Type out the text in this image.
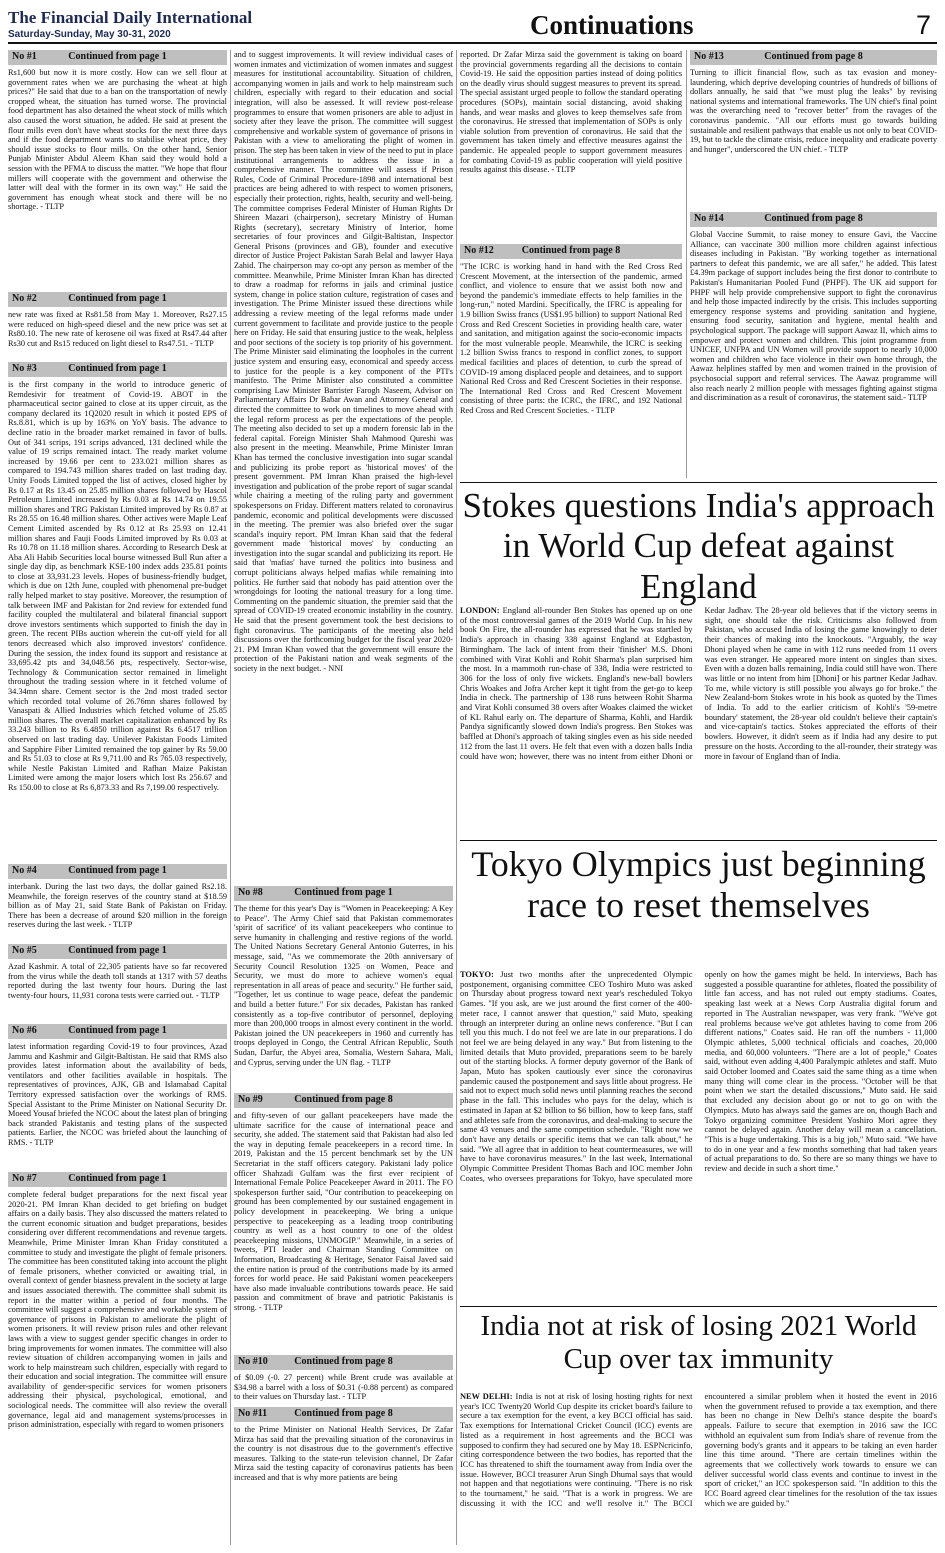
The Financial Daily International
Saturday-Sunday, May 30-31, 2020	Continuations	7
No #1	Continued from page 1
Rs1,600 but now it is more costly. How can we sell flour at government rates when we are purchasing the wheat at high prices?" He said that due to a ban on the transportation of newly cropped wheat, the situation has turned worse. The provincial food department has also detained the wheat stock of mills which also caused the worst situation, he added. He said at present the flour mills even don't have wheat stocks for the next three days and if the food department wants to stabilise wheat price, they should issue stocks to flour mills. On the other hand, Senior Punjab Minister Abdul Aleem Khan said they would hold a session with the PFMA to discuss the matter. "We hope that flour millers will cooperate with the government and otherwise the latter will deal with the former in its own way." He said the government has enough wheat stock and there will be no shortage. - TLTP
No #2	Continued from page 1
new rate was fixed at Rs81.58 from May 1. Moreover, Rs27.15 were reduced on high-speed diesel and the new price was set at Rs80.10. The new rate of kerosene oil was fixed at Rs47.44 after Rs30 cut and Rs15 reduced on light diesel to Rs47.51. - TLTP
No #3	Continued from page 1
is the first company in the world to introduce generic of Remdesivir for treatment of Covid-19. ABOT in the pharmaceutical sector gained to close at its upper circuit, as the company declared its 1Q2020 result in which it posted EPS of Rs.8.81, which is up by 163% on YoY basis. The advance to decline ratio in the broader market remained in favor of bulls. Out of 341 scrips, 191 scrips advanced, 131 declined while the value of 19 scrips remained intact. The ready market volume increased by 19.66 per cent to 233.021 million shares as compared to 194.743 million shares traded on last trading day. Unity Foods Limited topped the list of actives, closed higher by Rs 0.17 at Rs 13.45 on 25.85 million shares followed by Hascol Petroleum Limited increased by Rs 0.03 at Rs 14.74 on 19.55 million shares and TRG Pakistan Limited improved by Rs 0.87 at Rs 28.55 on 16.48 million shares. Other actives were Maple Leaf Cement Limited ascended by Rs 0.12 at Rs 25.93 on 12.41 million shares and Fauji Foods Limited improved by Rs 0.03 at Rs 10.78 on 11.18 million shares. According to Research Desk at Aba Ali Habib Securities local bourse witnessed Bull Run after a single day dip, as benchmark KSE-100 index adds 235.81 points to close at 33,931.23 levels. Hopes of business-friendly budget, which is due on 12th June, coupled with phenomenal pre-budget rally helped market to stay positive. Moreover, the resumption of talk between IMF and Pakistan for 2nd review for extended fund facility coupled the multilateral and bilateral financial support drove investors sentiments which supported to finish the day in green. The recent PIBs auction wherein the cut-off yield for all tenors decreased which also improved investors' confidence. During the session, the index found its support and resistance at 33,695.42 pts and 34,048.56 pts, respectively. Sector-wise, Technology & Communication sector remained in limelight throughout the trading session where in it fetched volume of 34.34mn share. Cement sector is the 2nd most traded sector which recorded total volume of 26.76mn shares followed by Vanaspati & Allied Industries which fetched volume of 25.85 million shares. The overall market capitalization enhanced by Rs 33.243 billion to Rs 6.4850 trillion against Rs 6.4517 trillion observed on last trading day. Unilever Pakistan Foods Limited and Sapphire Fiber Limited remained the top gainer by Rs 59.00 and Rs 51.03 to close at Rs 9,711.00 and Rs 765.03 respectively, while Nestle Pakistan Limited and Rafhan Maize Pakistan Limited were among the major losers which lost Rs 256.67 and Rs 150.00 to close at Rs 6,873.33 and Rs 7,199.00 respectively.
No #4	Continued from page 1
interbank. During the last two days, the dollar gained Rs2.18. Meanwhile, the foreign reserves of the country stand at $18.59 billion as of May 21, said State Bank of Pakistan on Friday. There has been a decrease of around $20 million in the foreign reserves during the last week. - TLTP
No #5	Continued from page 1
Azad Kashmir. A total of 22,305 patients have so far recovered from the virus while the death toll stands at 1317 with 57 deaths reported during the last twenty four hours. During the last twenty-four hours, 11,931 corona tests were carried out. - TLTP
No #6	Continued from page 1
latest information regarding Covid-19 to four provinces, Azad Jammu and Kashmir and Gilgit-Baltistan. He said that RMS also provides latest information about the availability of beds, ventilators and other facilities available in hospitals. The representatives of provinces, AJK, GB and Islamabad Capital Territory expressed satisfaction over the workings of RMS. Special Assistant to the Prime Minister on National Security Dr. Moeed Yousaf briefed the NCOC about the latest plan of bringing back stranded Pakistanis and testing plans of the suspected patients. Earlier, the NCOC was briefed about the launching of RMS. - TLTP
No #7	Continued from page 1
complete federal budget preparations for the next fiscal year 2020-21. PM Imran Khan decided to get briefing on budget affairs on a daily basis. They also discussed the matters related to the current economic situation and budget preparations, besides considering over different recommendations and revenue targets. Meanwhile, Prime Minister Imran Khan Friday constituted a committee to study and investigate the plight of female prisoners. The committee has been constituted taking into account the plight of female prisoners, whether convicted or awaiting trial, in overall context of gender biasness prevalent in the society at large and issues associated therewith. The committee shall submit its report in the matter within a period of four months. The committee will suggest a comprehensive and workable system of governance of prisons in Pakistan to ameliorate the plight of women prisoners. It will review prison rules and other relevant laws with a view to suggest gender specific changes in order to bring improvements for women inmates. The committee will also review situation of children accompanying women in jails and work to help mainstream such children, especially with regard to their education and social integration. The committee will ensure availability of gender-specific services for women prisoners addressing their physical, psychological, emotional, and sociological needs. The committee will also review the overall governance, legal aid and management systems/processes in prison administration, especially with regard to women prisoners
and to suggest improvements. It will review individual cases of women inmates and victimization of women inmates and suggest measures for institutional accountability. Situation of children, accompanying women in jails and work to help mainstream such children, especially with regard to their education and social integration, will also be assessed. It will review post-release programmes to ensure that women prisoners are able to adjust in society after they leave the prison. The committee will suggest comprehensive and workable system of governance of prisons in Pakistan with a view to ameliorating the plight of women in prison. The step has been taken in view of the need to put in place institutional arrangements to address the issue in a comprehensive manner. The committee will assess if Prison Rules, Code of Criminal Procedure-1898 and international best practices are being adhered to with respect to women prisoners, especially their protection, rights, health, security and well-being. The committee comprises Federal Minister of Human Rights Dr Shireen Mazari (chairperson), secretary Ministry of Human Rights (secretary), secretary Ministry of Interior, home secretaries of four provinces and Gilgit-Baltistan, Inspector General Prisons (provinces and GB), founder and executive director of Justice Project Pakistan Sarah Belal and lawyer Haya Zahid. The chairperson may co-opt any person as member of the committee. Meanwhile, Prime Minister Imran Khan has directed to draw a roadmap for reforms in jails and criminal justice system, change in police station culture, registration of cases and investigation. The Prime Minister issued these directions while addressing a review meeting of the legal reforms made under current government to facilitate and provide justice to the people here on Friday. He said that ensuring justice to the weak, helpless and poor sections of the society is top priority of his government. The Prime Minister said eliminating the loopholes in the current justice system and ensuring easy, economical and speedy access to justice for the people is a key component of the PTI's manifesto. The Prime Minister also constituted a committee comprising Law Minister Barrister Farogh Naseem, Advisor on Parliamentary Affairs Dr Babar Awan and Attorney General and directed the committee to work on timelines to move ahead with the legal reform process as per the expectations of the people. The meeting also decided to set up a modern forensic lab in the federal capital. Foreign Minister Shah Mahmood Qureshi was also present in the meeting. Meanwhile, Prime Minister Imran Khan has termed the conclusive investigation into sugar scandal and publicizing its probe report as 'historical moves' of the present government. PM Imran Khan praised the high-level investigation and publication of the probe report of sugar scandal while chairing a meeting of the ruling party and government spokespersons on Friday. Different matters related to coronavirus pandemic, economic and political developments were discussed in the meeting. The premier was also briefed over the sugar scandal's inquiry report. PM Imran Khan said that the federal government made 'historical moves' by conducting an investigation into the sugar scandal and publicizing its report. He said that 'mafias' have turned the politics into business and corrupt politicians always helped mafias while remaining into politics. He further said that nobody has paid attention over the wrongdoings for looting the national treasury for a long time. Commenting on the pandemic situation, the premier said that the spread of COVID-19 created economic instability in the country. He said that the present government took the best decisions to fight coronavirus. The participants of the meeting also held discussions over the forthcoming budget for the fiscal year 2020-21. PM Imran Khan vowed that the government will ensure the protection of the Pakistani nation and weak segments of the society in the next budget. - NNI
No #8	Continued from page 1
The theme for this year's Day is "Women in Peacekeeping: A Key to Peace". The Army Chief said that Pakistan commemorates 'spirit of sacrifice' of its valiant peacekeepers who continue to serve humanity in challenging and restive regions of the world. The United Nations Secretary General Antonio Guterres, in his message, said, "As we commemorate the 20th anniversary of Security Council Resolution 1325 on Women, Peace and Security, we must do more to achieve women's equal representation in all areas of peace and security." He further said, "Together, let us continue to wage peace, defeat the pandemic and build a better future." For six decades, Pakistan has ranked consistently as a top-five contributor of personnel, deploying more than 200,000 troops in almost every continent in the world. Pakistan joined the UN peacekeepers in 1960 and currently has troops deployed in Congo, the Central African Republic, South Sudan, Darfur, the Abyei area, Somalia, Western Sahara, Mali, and Cyprus, serving under the UN flag. - TLTP
No #9	Continued from page 8
and fifty-seven of our gallant peacekeepers have made the ultimate sacrifice for the cause of international peace and security, she added. The statement said that Pakistan had also led the way in deputing female peacekeepers in a record time. In 2019, Pakistan and the 15 percent benchmark set by the UN Secretariat in the staff officers category. Pakistani lady police officer Shahzadi Gulfam was the first ever recipient of International Female Police Peacekeeper Award in 2011. The FO spokesperson further said, "Our contribution to peacekeeping on ground has been complemented by our sustained engagement in policy development in peacekeeping. We bring a unique perspective to peacekeeping as a leading troop contributing country as well as a host country to one of the oldest peacekeeping missions, UNMOGIP." Meanwhile, in a series of tweets, PTI leader and Chairman Standing Committee on Information, Broadcasting & Heritage, Senator Faisal Javed said the entire nation is proud of the contributions made by its armed forces for world peace. He said Pakistani women peacekeepers have also made invaluable contributions towards peace. He said passion and commitment of brave and patriotic Pakistanis is strong. - TLTP
No #10	Continued from page 8
of $0.09 (-0. 27 percent) while Brent crude was available at $34.98 a barrel with a loss of $0.31 (-0.88 percent) as compared to their values on Thursday last. - TLTP
No #11	Continued from page 8
to the Prime Minister on National Health Services, Dr Zafar Mirza has said that the prevailing situation of the coronavirus in the country is not disastrous due to the government's effective measures. Talking to the state-run television channel, Dr Zafar Mirza said the testing capacity of coronavirus patients has been increased and that is why more patients are being
reported. Dr Zafar Mirza said the government is taking on board the provincial governments regarding all the decisions to contain Covid-19. He said the opposition parties instead of doing politics on the deadly virus should suggest measures to prevent its spread. The special assistant urged people to follow the standard operating procedures (SOPs), maintain social distancing, avoid shaking hands, and wear masks and gloves to keep themselves safe from the coronavirus. He stressed that implementation of SOPs is only viable solution from prevention of coronavirus. He said that the government has taken timely and effective measures against the pandemic. He appealed people to support government measures for combating Covid-19 as public cooperation will yield positive results against this disease. - TLTP
No #12	Continued from page 8
"The ICRC is working hand in hand with the Red Cross Red Crescent Movement, at the intersection of the pandemic, armed conflict, and violence to ensure that we assist both now and beyond the pandemic's immediate effects to help families in the long-run," noted Mardini. Specifically, the IFRC is appealing for 1.9 billion Swiss francs (US$1.95 billion) to support National Red Cross and Red Crescent Societies in providing health care, water and sanitation, and mitigation against the socio-economic impacts for the most vulnerable people. Meanwhile, the ICRC is seeking 1.2 billion Swiss francs to respond in conflict zones, to support medical facilities and places of detention, to curb the spread of COVID-19 among displaced people and detainees, and to support National Red Cross and Red Crescent Societies in their response. The International Red Cross and Red Crescent Movement consisting of three parts: the ICRC, the IFRC, and 192 National Red Cross and Red Crescent Societies. - TLTP
No #13	Continued from page 8
Turning to illicit financial flow, such as tax evasion and money-laundering, which deprive developing countries of hundreds of billions of dollars annually, he said that "we must plug the leaks" by revising national systems and international frameworks. The UN chief's final point was the overarching need to "recover better" from the ravages of the coronavirus pandemic. "All our efforts must go towards building sustainable and resilient pathways that enable us not only to beat COVID-19, but to tackle the climate crisis, reduce inequality and eradicate poverty and hunger", underscored the UN chief. - TLTP
No #14	Continued from page 8
Global Vaccine Summit, to raise money to ensure Gavi, the Vaccine Alliance, can vaccinate 300 million more children against infectious diseases including in Pakistan. "By working together as international partners to defeat this pandemic, we are all safer," he added. This latest £4.39m package of support includes being the first donor to contribute to Pakistan's Humanitarian Pooled Fund (PHPF). The UK aid support for PHPF will help provide comprehensive support to fight the coronavirus and help those impacted indirectly by the crisis. This includes supporting emergency response systems and providing sanitation and hygiene, ensuring food security, sanitation and hygiene, mental health and psychological support. The package will support Aawaz II, which aims to empower and protect women and children. This joint programme from UNICEF, UNFPA and UN Women will provide support to nearly 10,000 women and children who face violence in their own home through, the Aawaz helplines staffed by men and women trained in the provision of psychosocial support and referral services. The Aawaz programme will also reach nearly 2 million people with messages fighting against stigma and discrimination as a result of coronavirus, the statement said.- TLTP
Stokes questions India's approach in World Cup defeat against England
LONDON: England all-rounder Ben Stokes has opened up on one of the most controversial games of the 2019 World Cup. In his new book On Fire, the all-rounder has expressed that he was startled by India's approach in chasing 338 against England at Edgbaston, Birmingham. The lack of intent from their 'finisher' M.S. Dhoni combined with Virat Kohli and Rohit Sharma's plan surprised him the most. In a mammoth run-chase of 338, India were restricted to 306 for the loss of only five wickets. England's new-ball bowlers Chris Woakes and Jofra Archer kept it tight from the get-go to keep India in check. The partnership of 138 runs between Rohit Sharma and Virat Kohli consumed 38 overs after Woakes claimed the wicket of KL Rahul early on. The departure of Sharma, Kohli, and Hardik Pandya significantly slowed down India's progress. Ben Stokes was baffled at Dhoni's approach of taking singles even as his side needed 112 from the last 11 overs. He felt that even with a dozen balls India could have won; however, there was no intent from either Dhoni or Kedar Jadhav. The 28-year old believes that if the victory seems in sight, one should take the risk. Criticisms also followed from Pakistan, who accused India of losing the game knowingly to deter their chances of making into the knockouts. "Arguably, the way Dhoni played when he came in with 112 runs needed from 11 overs was even stranger. He appeared more intent on singles than sixes. Even with a dozen balls remaining, India could still have won. There was little or no intent from him [Dhoni] or his partner Kedar Jadhav. To me, while victory is still possible you always go for broke." the New Zealand-born Stokes wrote in his book as quoted by the Times of India. To add to the earlier criticism of Kohli's '59-metre boundary' statement, the 28-year old couldn't believe their captain's and vice-captain's tactics. Stokes appreciated the efforts of their bowlers. However, it didn't seem as if India had any desire to put pressure on the hosts. According to the all-rounder, their strategy was more in favour of England than of India.
Tokyo Olympics just beginning race to reset themselves
TOKYO: Just two months after the unprecedented Olympic postponement, organising committee CEO Toshiro Muto was asked on Thursday about progress toward next year's rescheduled Tokyo Games. "If you ask, are we just around the first corner of the 400-meter race, I cannot answer that question," said Muto, speaking through an interpreter during an online news conference. "But I can tell you this much. I do not feel we are late in our preparations. I do not feel we are being delayed in any way." But from listening to the limited details that Muto provided, preparations seem to be barely out of the starting blocks. A former deputy governor of the Bank of Japan, Muto has spoken cautiously ever since the coronavirus pandemic caused the postponement and says little about progress. He said not to expect much solid news until planning reaches the second phase in the fall. This includes who pays for the delay, which is estimated in Japan at $2 billion to $6 billion, how to keep fans, staff and athletes safe from the coronavirus, and deal-making to secure the same 43 venues and the same competition schedule. "Right now we don't have any details or specific items that we can talk about," he said. "We all agree that in addition to heat countermeasures, we will have to have coronavirus measures." In the last week, International Olympic Committee President Thomas Bach and IOC member John Coates, who oversees preparations for Tokyo, have speculated more openly on how the games might be held. In interviews, Bach has suggested a possible quarantine for athletes, floated the possibility of little fan access, and has not ruled out empty stadiums. Coates, speaking last week at a News Corp Australia digital forum and reported in The Australian newspaper, was very frank. "We've got real problems because we've got athletes having to come from 206 different nations," Coates said. He ran off the numbers - 11,000 Olympic athletes, 5,000 technical officials and coaches, 20,000 media, and 60,000 volunteers. "There are a lot of people," Coates said, without even adding 4,400 Paralympic athletes and staff. Muto said October loomed and Coates said the same thing as a time when many thing will come clear in the process. "October will be that point when we start the detailed discussions," Muto said. He said that excluded any decision about go or not to go on with the Olympics. Muto has always said the games are on, though Bach and Tokyo organizing committee President Yoshiro Mori agree they cannot be delayed again. Another delay will mean a cancellation. "This is a huge undertaking. This is a big job," Muto said. "We have to do in one year and a few months something that had taken years of actual preparations to do. So there are so many things we have to review and decide in such a short time."
India not at risk of losing 2021 World Cup over tax immunity
NEW DELHI: India is not at risk of losing hosting rights for next year's ICC Twenty20 World Cup despite its cricket board's failure to secure a tax exemption for the event, a key BCCI official has said. Tax exemptions for International Cricket Council (ICC) events are listed as a requirement in host agreements and the BCCI was supposed to confirm they had secured one by May 18. ESPNcricinfo, citing correspondence between the two bodies, has reported that the ICC has threatened to shift the tournament away from India over the issue. However, BCCI treasurer Arun Singh Dhumal says that would not happen and that negotiations were continuing. "There is no risk to the tournament," he said. "That is a work in progress. We are discussing it with the ICC and we'll resolve it." The BCCI encountered a similar problem when it hosted the event in 2016 when the government refused to provide a tax exemption, and there has been no change in New Delhi's stance despite the board's appeals. Failure to secure that exemption in 2016 saw the ICC withhold an equivalent sum from India's share of revenue from the governing body's grants and it appears to be taking an even harder line this time around. "There are certain timelines within the agreements that we collectively work towards to ensure we can deliver successful world class events and continue to invest in the sport of cricket," an ICC spokesperson said. "In addition to this the ICC Board agreed clear timelines for the resolution of the tax issues which we are guided by."
